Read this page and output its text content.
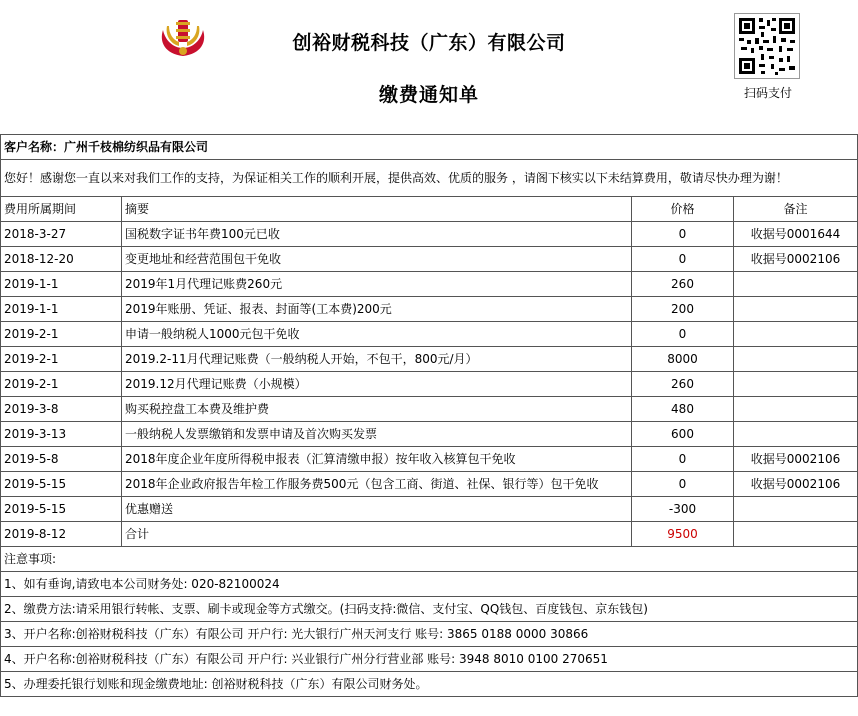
创裕财税科技（广东）有限公司
缴费通知单	扫码支付
客户名称：广州千枝棉纺织品有限公司			
您好！感谢您一直以来对我们工作的支持，为保证相关工作的顺利开展，提供高效、优质的服务 ，请阁下核实以下未结算费用，敬请尽快办理为谢！			
费用所属期间	摘要	价格	备注
2018-3-27	国税数字证书年费100元已收	0	收据号0001644
2018-12-20	变更地址和经营范围包干免收	0	收据号0002106
2019-1-1	2019年1月代理记账费260元	260	
2019-1-1	2019年账册、凭证、报表、封面等(工本费)200元	200	
2019-2-1	申请一般纳税人1000元包干免收	0	
2019-2-1	2019.2-11月代理记账费（一般纳税人开始，不包干，800元/月）	8000	
2019-2-1	2019.12月代理记账费（小规模）	260	
2019-3-8	购买税控盘工本费及维护费	480	
2019-3-13	一般纳税人发票缴销和发票申请及首次购买发票	600	
2019-5-8	2018年度企业年度所得税申报表（汇算清缴申报）按年收入核算包干免收	0	收据号0002106
2019-5-15	2018年企业政府报告年检工作服务费500元（包含工商、街道、社保、银行等）包干免收	0	收据号0002106
2019-5-15	优惠赠送	-300	
2019-8-12	合计	9500	
注意事项:			
1、如有垂询,请致电本公司财务处: 020-82100024			
2、缴费方法:请采用银行转帐、支票、刷卡或现金等方式缴交。(扫码支持:微信、支付宝、QQ钱包、百度钱包、京东钱包)			
3、开户名称:创裕财税科技（广东）有限公司 开户行: 光大银行广州天河支行 账号: 3865 0188 0000 30866			
4、开户名称:创裕财税科技（广东）有限公司 开户行: 兴业银行广州分行营业部 账号: 3948 8010 0100 270651			
5、办理委托银行划账和现金缴费地址: 创裕财税科技（广东）有限公司财务处。			
